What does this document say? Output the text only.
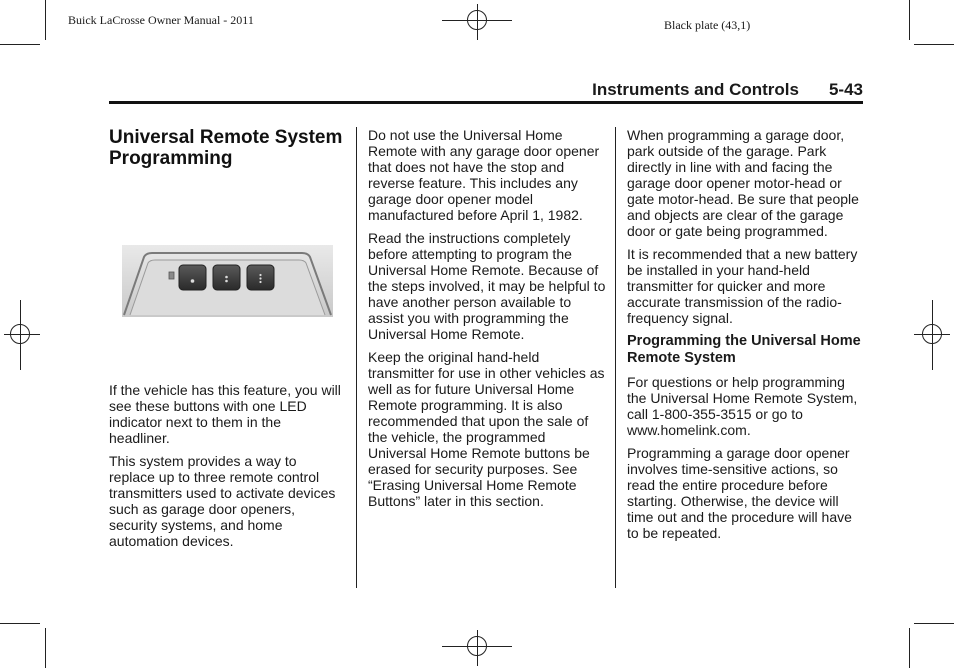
Buick LaCrosse Owner Manual - 2011	Black plate (43,1)
Instruments and Controls 5-43
Universal Remote System Programming

If the vehicle has this feature, you will see these buttons with one LED indicator next to them in the headliner.

This system provides a way to replace up to three remote control transmitters used to activate devices such as garage door openers, security systems, and home automation devices.

Do not use the Universal Home Remote with any garage door opener that does not have the stop and reverse feature. This includes any garage door opener model manufactured before April 1, 1982.

Read the instructions completely before attempting to program the Universal Home Remote. Because of the steps involved, it may be helpful to have another person available to assist you with programming the Universal Home Remote.

Keep the original hand-held transmitter for use in other vehicles as well as for future Universal Home Remote programming. It is also recommended that upon the sale of the vehicle, the programmed Universal Home Remote buttons be erased for security purposes. See “Erasing Universal Home Remote Buttons” later in this section.

When programming a garage door, park outside of the garage. Park directly in line with and facing the garage door opener motor-head or gate motor-head. Be sure that people and objects are clear of the garage door or gate being programmed.

It is recommended that a new battery be installed in your hand-held transmitter for quicker and more accurate transmission of the radio-frequency signal.

Programming the Universal Home Remote System

For questions or help programming the Universal Home Remote System, call 1-800-355-3515 or go to www.homelink.com.

Programming a garage door opener involves time-sensitive actions, so read the entire procedure before starting. Otherwise, the device will time out and the procedure will have to be repeated.
